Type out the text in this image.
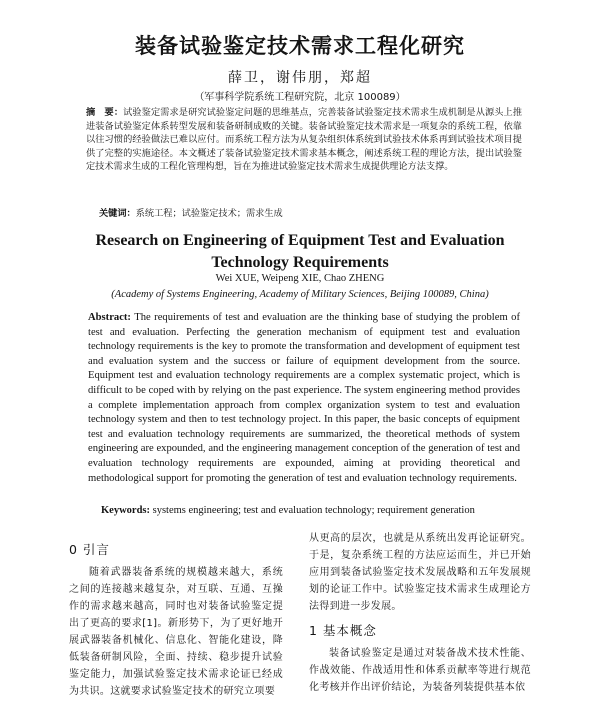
装备试验鉴定技术需求工程化研究
薛卫，谢伟朋，郑超
（军事科学院系统工程研究院，北京 100089）
摘　要：试验鉴定需求是研究试验鉴定问题的思维基点，完善装备试验鉴定技术需求生成机制是从源头上推进装备试验鉴定体系转型发展和装备研制成败的关键。装备试验鉴定技术需求是一项复杂的系统工程，依靠以往习惯的经验做法已难以应付。而系统工程方法为从复杂组织体系统到试验技术体系再到试验技术项目提供了完整的实施途径。本文概述了装备试验鉴定技术需求基本概念，阐述系统工程的理论方法，提出试验鉴定技术需求生成的工程化管理构想，旨在为推进试验鉴定技术需求生成提供理论方法支撑。
关键词：系统工程；试验鉴定技术；需求生成
Research on Engineering of Equipment Test and Evaluation
Technology Requirements
Wei XUE, Weipeng XIE, Chao ZHENG
(Academy of Systems Engineering, Academy of Military Sciences, Beijing 100089, China)

Abstract: The requirements of test and evaluation are the thinking base of studying the problem of test and evaluation. Perfecting the generation mechanism of equipment test and evaluation technology requirements is the key to promote the transformation and development of equipment test and evaluation system and the success or failure of equipment development from the source. Equipment test and evaluation technology requirements are a complex systematic project, which is difficult to be coped with by relying on the past experience. The system engineering method provides a complete implementation approach from complex organization system to test and evaluation technology system and then to test technology project. In this paper, the basic concepts of equipment test and evaluation technology requirements are summarized, the theoretical methods of system engineering are expounded, and the engineering management conception of the generation of test and evaluation technology requirements are expounded, aiming at providing theoretical and methodological support for promoting the generation of test and evaluation technology requirements.

Keywords: systems engineering; test and evaluation technology; requirement generation
0 引言

随着武器装备系统的规模越来越大，系统之间的连接越来越复杂，对互联、互通、互操作的需求越来越高，同时也对装备试验鉴定提出了更高的要求[1]。新形势下，为了更好地开展武器装备机械化、信息化、智能化建设，降低装备研制风险，全面、持续、稳步提升试验鉴定能力，加强试验鉴定技术需求论证已经成为共识。这就要求试验鉴定技术的研究立项要

从更高的层次，也就是从系统出发再论证研究。于是，复杂系统工程的方法应运而生，并已开始应用到装备试验鉴定技术发展战略和五年发展规划的论证工作中。试验鉴定技术需求生成理论方法得到进一步发展。

1 基本概念

装备试验鉴定是通过对装备战术技术性能、作战效能、作战适用性和体系贡献率等进行规范化考核并作出评价结论，为装备列装提供基本依
